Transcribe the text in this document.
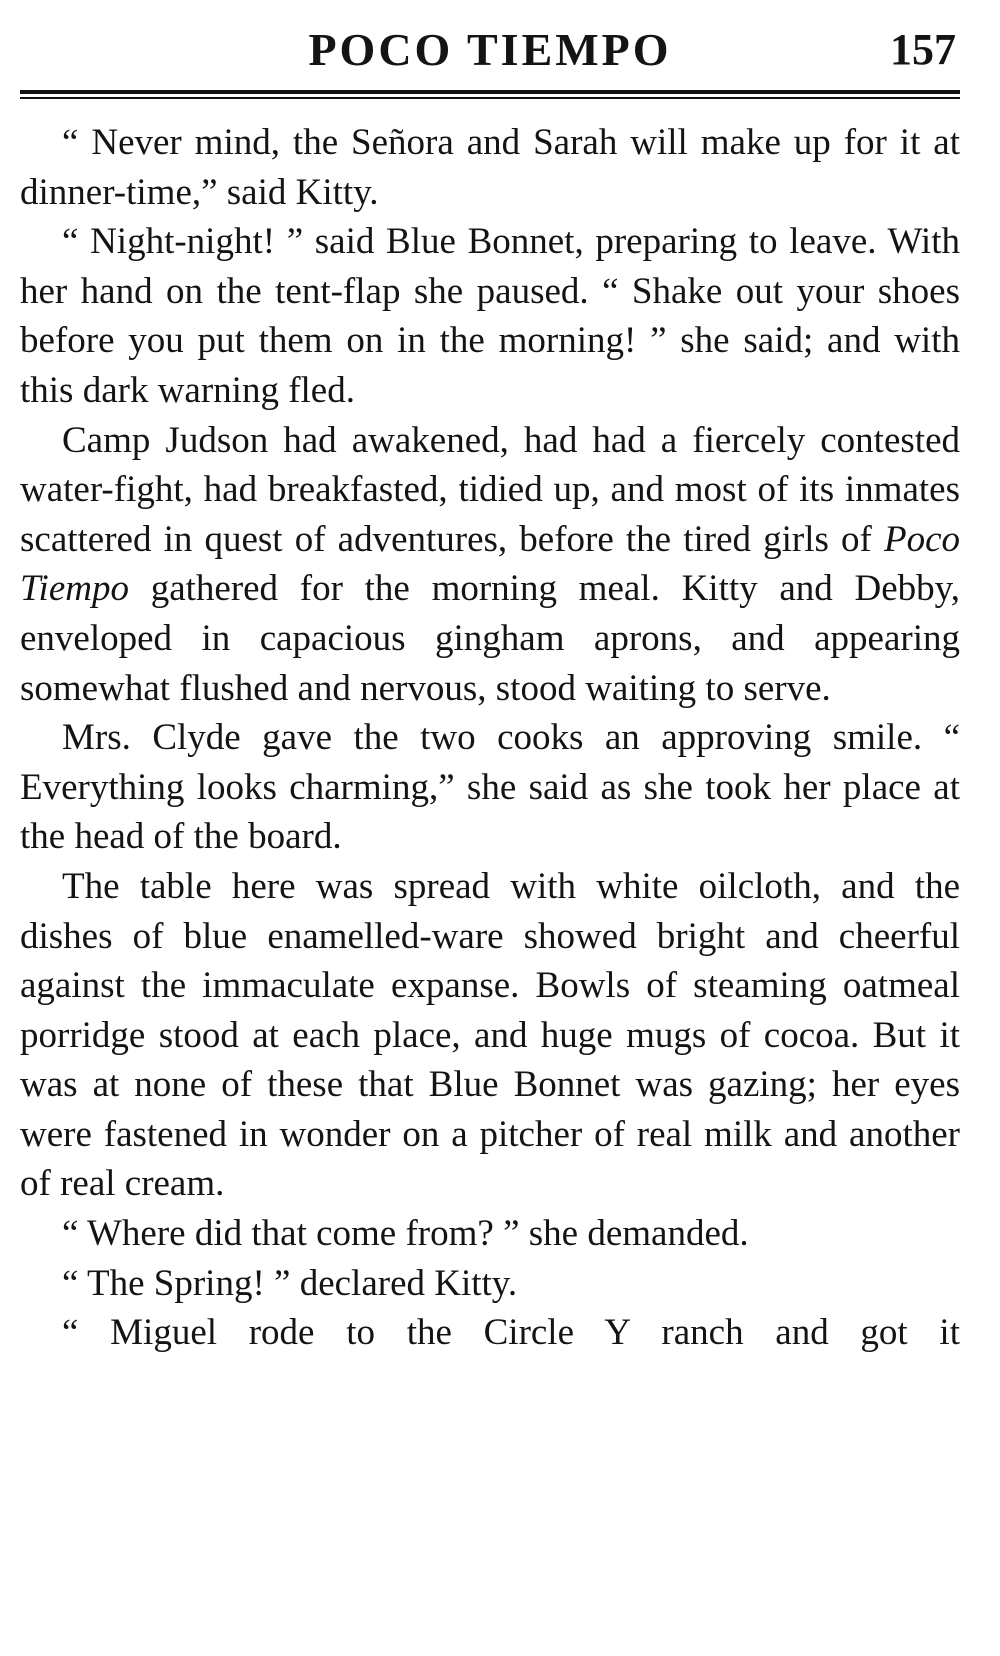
POCO TIEMPO	157

“ Never mind, the Señora and Sarah will make up for it at dinner-time,” said Kitty.

“ Night-night! ” said Blue Bonnet, preparing to leave. With her hand on the tent-flap she paused. “ Shake out your shoes before you put them on in the morning! ” she said; and with this dark warning fled.

Camp Judson had awakened, had had a fiercely contested water-fight, had breakfasted, tidied up, and most of its inmates scattered in quest of adventures, before the tired girls of Poco Tiempo gathered for the morning meal. Kitty and Debby, enveloped in capacious gingham aprons, and appearing somewhat flushed and nervous, stood waiting to serve.

Mrs. Clyde gave the two cooks an approving smile. “ Everything looks charming,” she said as she took her place at the head of the board.

The table here was spread with white oilcloth, and the dishes of blue enamelled-ware showed bright and cheerful against the immaculate expanse. Bowls of steaming oatmeal porridge stood at each place, and huge mugs of cocoa. But it was at none of these that Blue Bonnet was gazing; her eyes were fastened in wonder on a pitcher of real milk and another of real cream.

“ Where did that come from? ” she demanded.

“ The Spring! ” declared Kitty.

“ Miguel rode to the Circle Y ranch and got it
